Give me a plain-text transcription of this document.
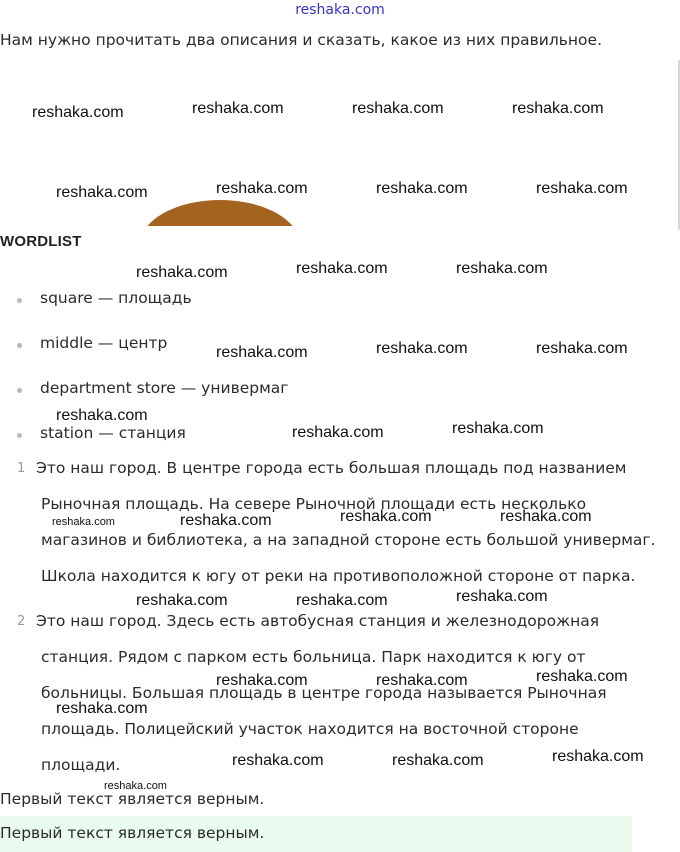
reshaka.com
Нам нужно прочитать два описания и сказать, какое из них правильное.
reshaka.com	reshaka.com	reshaka.com	reshaka.com
reshaka.com	reshaka.com	reshaka.com	reshaka.com
WORDLIST
reshaka.com	reshaka.com	reshaka.com
square — площадь
middle — центр
reshaka.com	reshaka.com	reshaka.com
department store — универмаг
reshaka.com
station — станция	reshaka.com	reshaka.com
1 Это наш город. В центре города есть большая площадь под названием
Рыночная площадь. На севере Рыночной площади есть несколько
reshaka.com	reshaka.com	reshaka.com	reshaka.com
магазинов и библиотека, а на западной стороне есть большой универмаг.
Школа находится к югу от реки на противоположной стороне от парка.
reshaka.com	reshaka.com	reshaka.com
2 Это наш город. Здесь есть автобусная станция и железнодорожная
станция. Рядом с парком есть больница. Парк находится к югу от
reshaka.com	reshaka.com	reshaka.com
больницы. Большая площадь в центре города называется Рыночная
reshaka.com
площадь. Полицейский участок находится на восточной стороне
площади.	reshaka.com	reshaka.com	reshaka.com
reshaka.com
Первый текст является верным.
Первый текст является верным.
